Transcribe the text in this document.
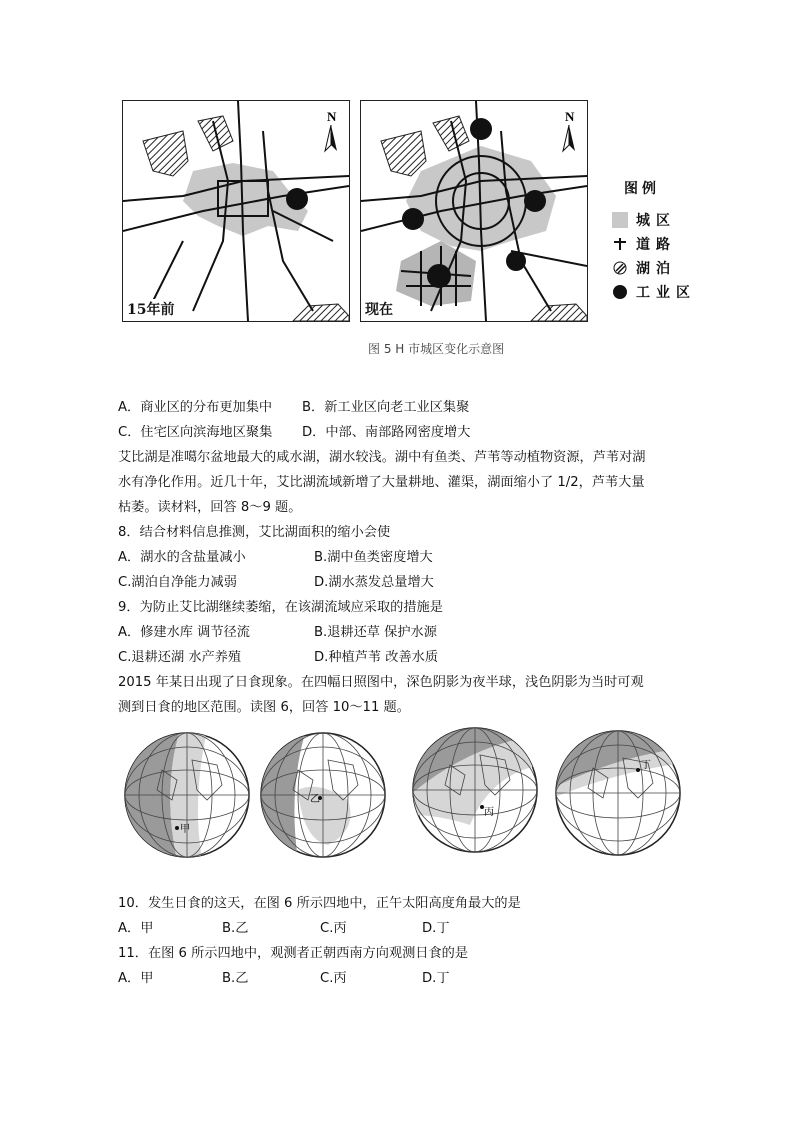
N
15年前
N
现在
图例
城区
道路
湖泊
工业区
图 5 H 市城区变化示意图
A．商业区的分布更加集中 B．新工业区向老工业区集聚
C．住宅区向滨海地区聚集 D．中部、南部路网密度增大
艾比湖是准噶尔盆地最大的咸水湖，湖水较浅。湖中有鱼类、芦苇等动植物资源，芦苇对湖
水有净化作用。近几十年，艾比湖流域新增了大量耕地、灌渠，湖面缩小了 1/2，芦苇大量
枯萎。读材料，回答 8～9 题。
8．结合材料信息推测，艾比湖面积的缩小会使
A．湖水的含盐量减小	B.湖中鱼类密度增大
C.湖泊自净能力减弱	D.湖水蒸发总量增大
9．为防止艾比湖继续萎缩，在该湖流域应采取的措施是
A．修建水库 调节径流	B.退耕还草 保护水源
C.退耕还湖 水产养殖	D.种植芦苇 改善水质
2015 年某日出现了日食现象。在四幅日照图中，深色阴影为夜半球，浅色阴影为当时可观
测到日食的地区范围。读图 6，回答 10～11 题。
甲
乙
丙
丁
10．发生日食的这天，在图 6 所示四地中，正午太阳高度角最大的是
A．甲	B.乙	C.丙	D.丁
11．在图 6 所示四地中，观测者正朝西南方向观测日食的是
A．甲	B.乙	C.丙	D.丁
